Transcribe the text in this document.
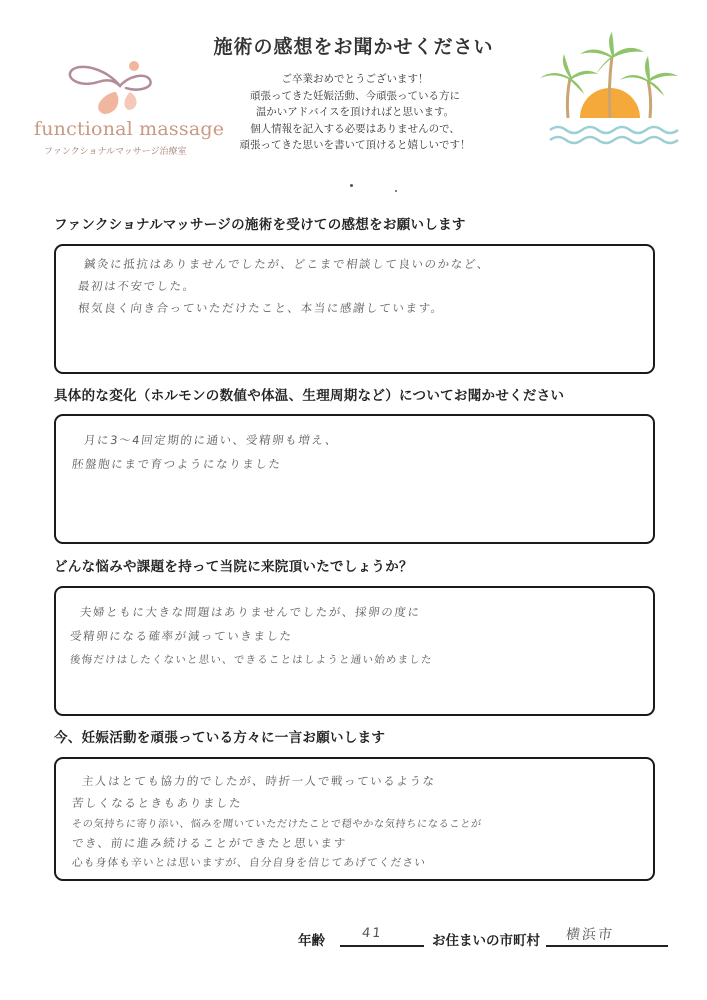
functional massage
ファンクショナルマッサージ治療室
施術の感想をお聞かせください
ご卒業おめでとうございます！
頑張ってきた妊娠活動、今頑張っている方に
温かいアドバイスを頂ければと思います。
個人情報を記入する必要はありませんので、
頑張ってきた思いを書いて頂けると嬉しいです！
ファンクショナルマッサージの施術を受けての感想をお願いします
鍼灸に抵抗はありませんでしたが、どこまで相談して良いのかなど、
最初は不安でした。
根気良く向き合っていただけたこと、本当に感謝しています。
具体的な変化（ホルモンの数値や体温、生理周期など）についてお聞かせください
月に3〜4回定期的に通い、受精卵も増え、
胚盤胞にまで育つようになりました
どんな悩みや課題を持って当院に来院頂いたでしょうか？
夫婦ともに大きな問題はありませんでしたが、採卵の度に
受精卵になる確率が減っていきました
後悔だけはしたくないと思い、できることはしようと通い始めました
今、妊娠活動を頑張っている方々に一言お願いします
主人はとても協力的でしたが、時折一人で戦っているような
苦しくなるときもありました
その気持ちに寄り添い、悩みを聞いていただけたことで穏やかな気持ちになることが
でき、前に進み続けることができたと思います
心も身体も辛いとは思いますが、自分自身を信じてあげてください
年齢	41	お住まいの市町村 横浜市
